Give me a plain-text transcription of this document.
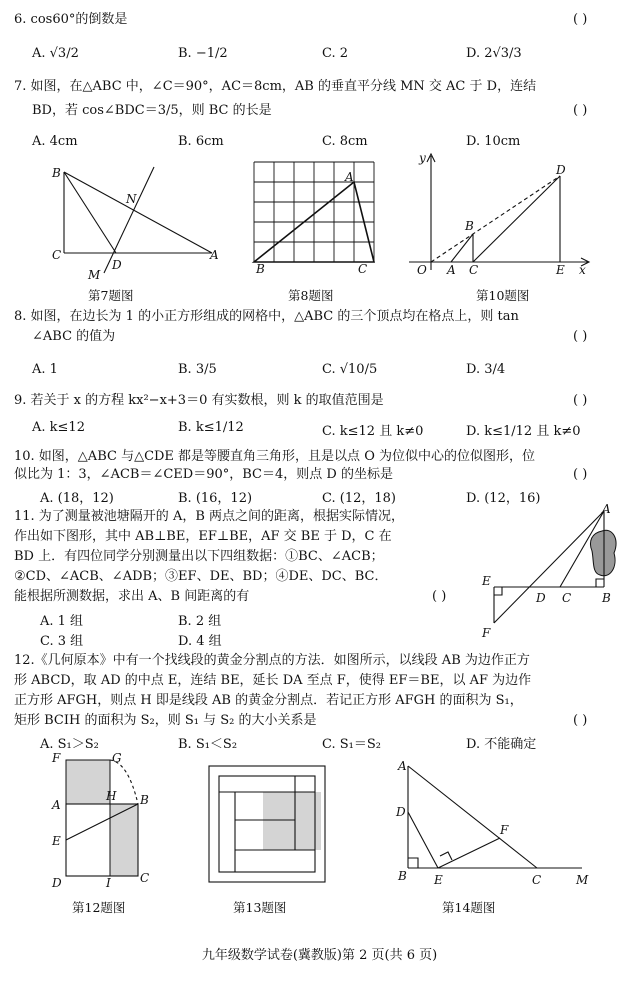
6. cos60°的倒数是	( )
A. √3/2	B. −1/2	C. 2	D. 2√3/3
7. 如图，在△ABC 中，∠C＝90°，AC＝8cm，AB 的垂直平分线 MN 交 AC 于 D，连结
BD，若 cos∠BDC＝3/5，则 BC 的长是	( )
A. 4cm	B. 6cm	C. 8cm	D. 10cm
B
N
C
D
A
M
第7题图
A
B	C
第8题图
y
D
B
O A C	E x
第10题图
8. 如图，在边长为 1 的小正方形组成的网格中，△ABC 的三个顶点均在格点上，则 tan
∠ABC 的值为	( )
A. 1	B. 3/5	C. √10/5	D. 3/4
9. 若关于 x 的方程 kx²−x+3＝0 有实数根，则 k 的取值范围是	( )
A. k≤12	B. k≤1/12	C. k≤12 且 k≠0	D. k≤1/12 且 k≠0
10. 如图，△ABC 与△CDE 都是等腰直角三角形，且是以点 O 为位似中心的位似图形，位
似比为 1：3，∠ACB＝∠CED＝90°，BC＝4，则点 D 的坐标是	( )
A. (18，12)	B. (16，12)	C. (12，18)	D. (12，16)
11. 为了测量被池塘隔开的 A，B 两点之间的距离，根据实际情况，
作出如下图形，其中 AB⊥BE，EF⊥BE，AF 交 BE 于 D，C 在
BD 上．有四位同学分别测量出以下四组数据：①BC、∠ACB；
②CD、∠ACB、∠ADB；③EF、DE、BD；④DE、DC、BC．
能根据所测数据，求出 A、B 间距离的有	( )
A. 1 组	B. 2 组
C. 3 组	D. 4 组
A
E
D C	B
F
12.《几何原本》中有一个找线段的黄金分割点的方法．如图所示，以线段 AB 为边作正方
形 ABCD，取 AD 的中点 E，连结 BE，延长 DA 至点 F，使得 EF＝BE，以 AF 为边作
正方形 AFGH，则点 H 即是线段 AB 的黄金分割点．若记正方形 AFGH 的面积为 S₁，
矩形 BCIH 的面积为 S₂，则 S₁ 与 S₂ 的大小关系是	( )
A. S₁＞S₂	B. S₁＜S₂	C. S₁＝S₂	D. 不能确定
F	G
A
H B
E
D	I C
第12题图	第13题图
A
D
F
B E	C	M
第14题图
九年级数学试卷(冀教版)第 2 页(共 6 页)
